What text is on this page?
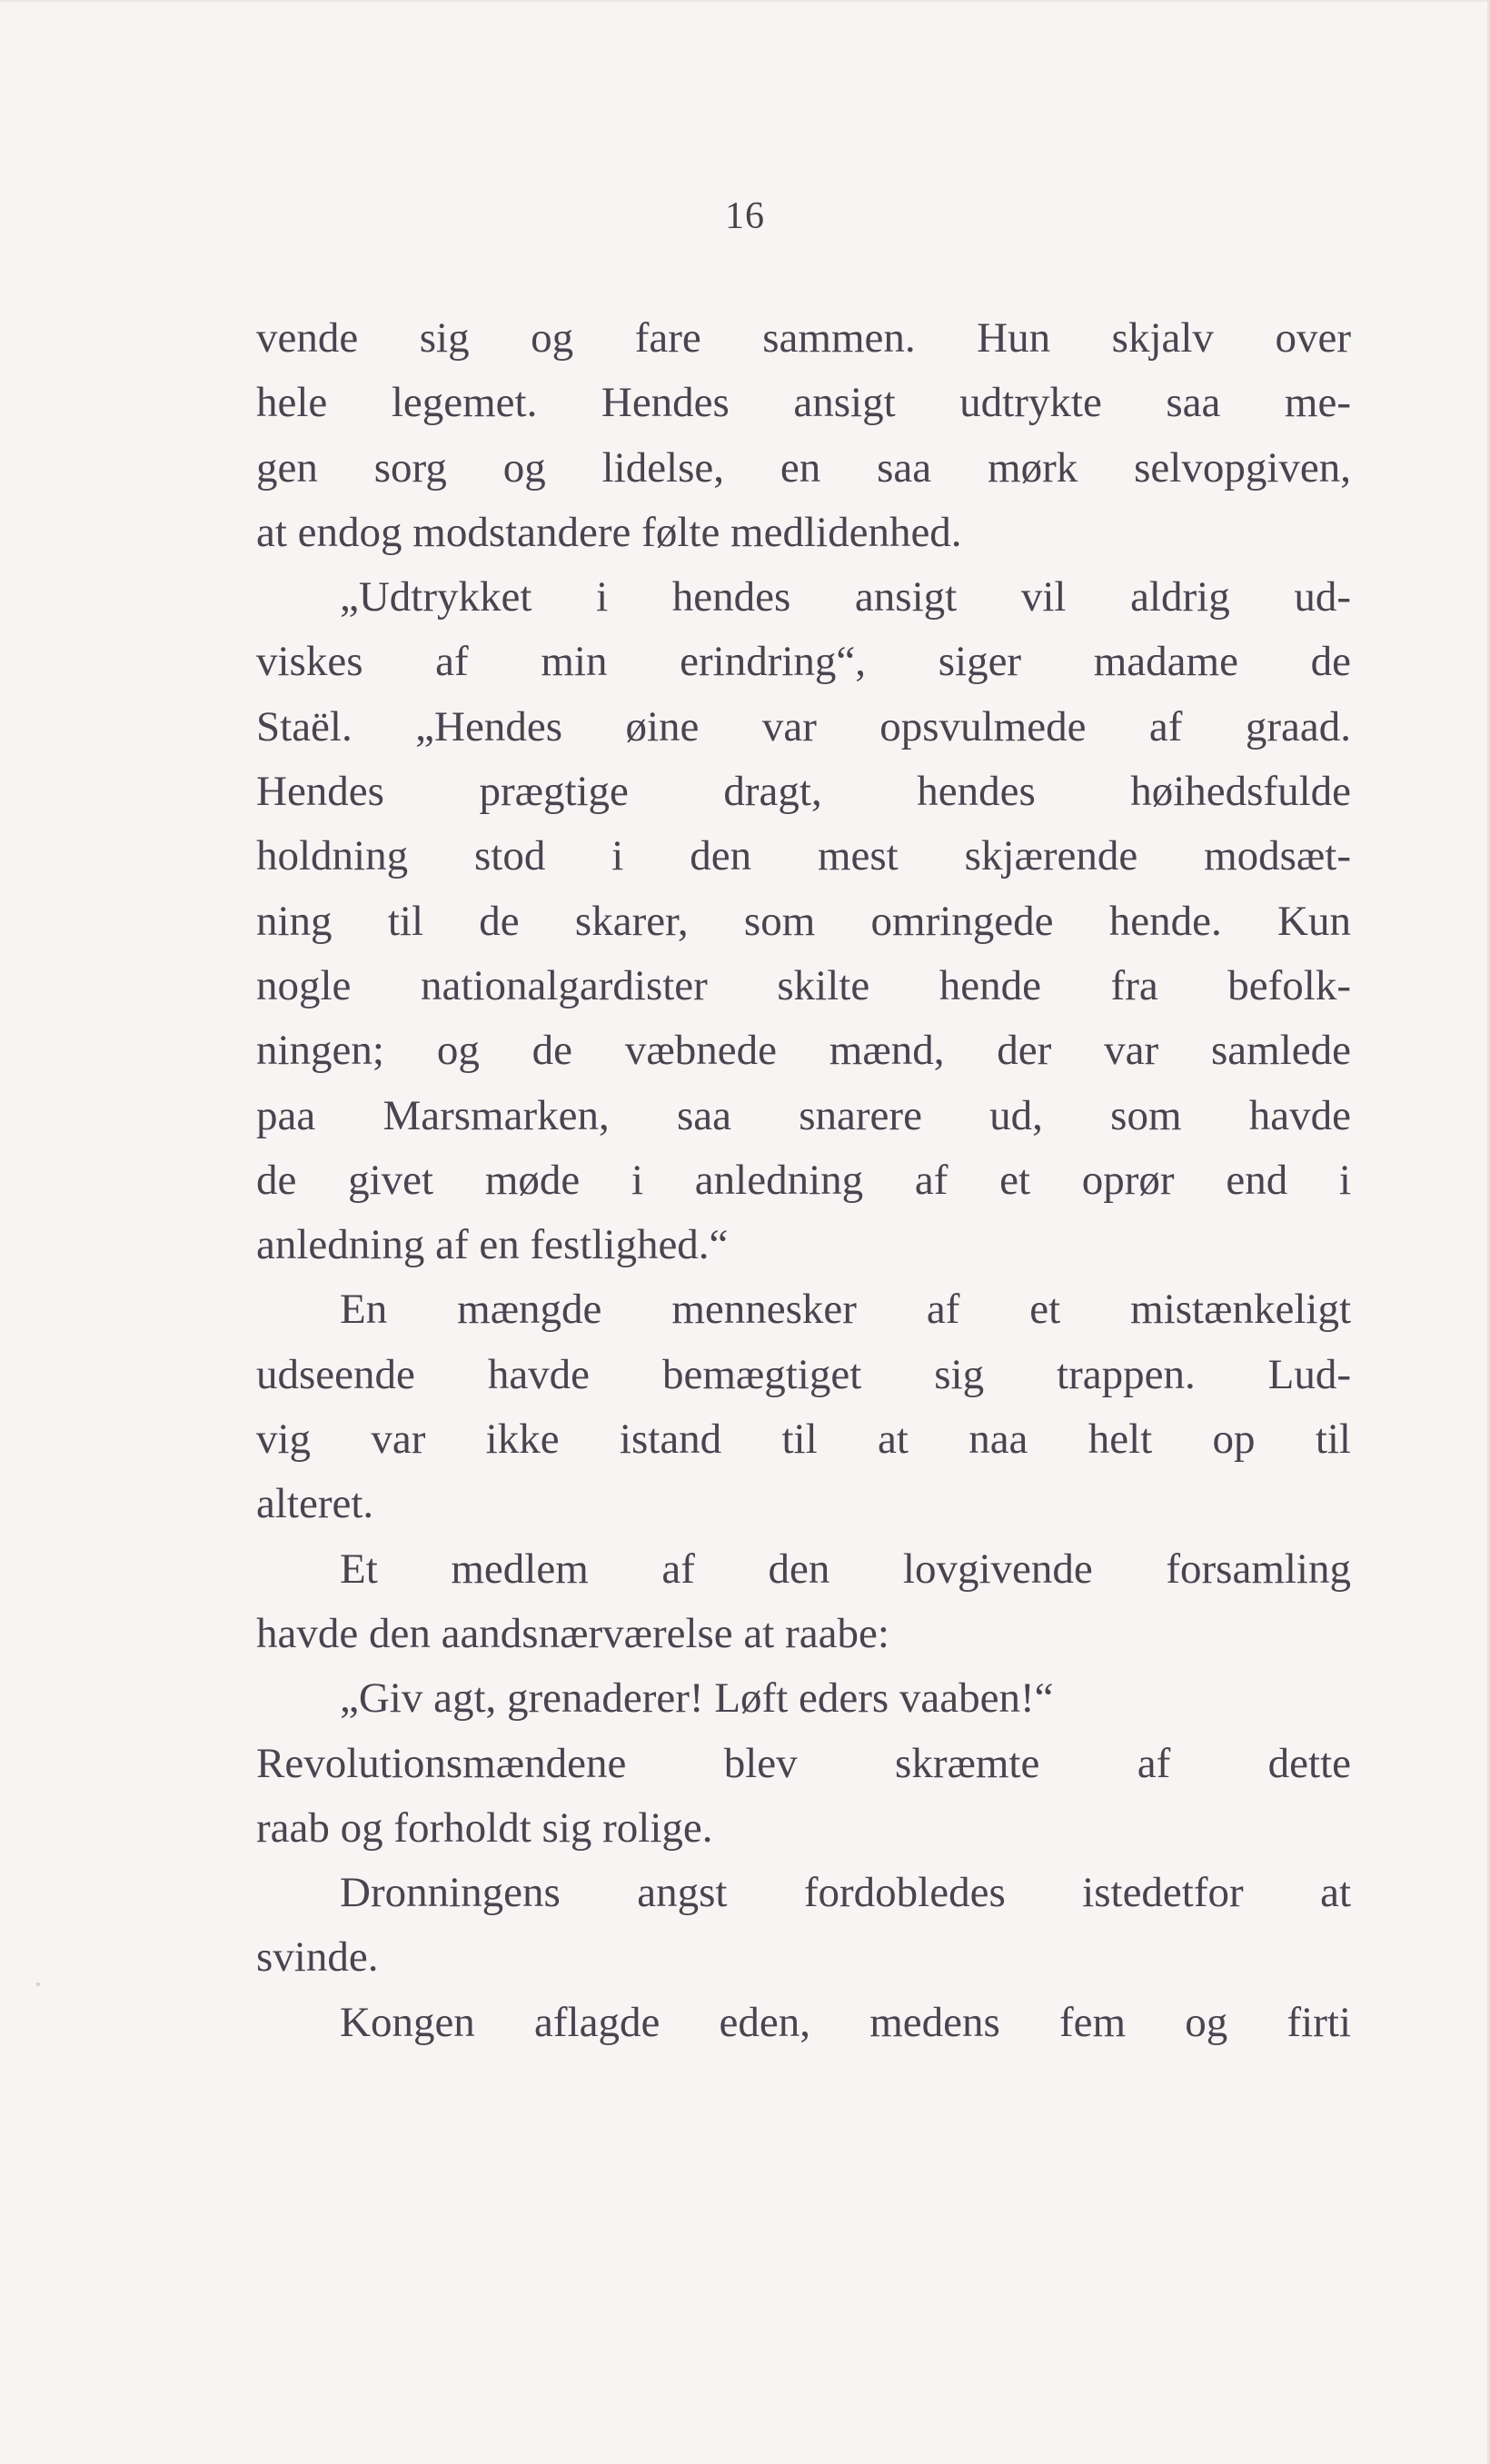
16
vende sig og fare sammen. Hun skjalv over
hele legemet. Hendes ansigt udtrykte saa me-
gen sorg og lidelse, en saa mørk selvopgiven,
at endog modstandere følte medlidenhed.
„Udtrykket i hendes ansigt vil aldrig ud-
viskes af min erindring“, siger madame de
Staël. „Hendes øine var opsvulmede af graad.
Hendes prægtige dragt, hendes høihedsfulde
holdning stod i den mest skjærende modsæt-
ning til de skarer, som omringede hende. Kun
nogle nationalgardister skilte hende fra befolk-
ningen; og de væbnede mænd, der var samlede
paa Marsmarken, saa snarere ud, som havde
de givet møde i anledning af et oprør end i
anledning af en festlighed.“
En mængde mennesker af et mistænkeligt
udseende havde bemægtiget sig trappen. Lud-
vig var ikke istand til at naa helt op til
alteret.
Et medlem af den lovgivende forsamling
havde den aandsnærværelse at raabe:
„Giv agt, grenaderer! Løft eders vaaben!“
Revolutionsmændene blev skræmte af dette
raab og forholdt sig rolige.
Dronningens angst fordobledes istedetfor at
svinde.
Kongen aflagde eden, medens fem og firti
